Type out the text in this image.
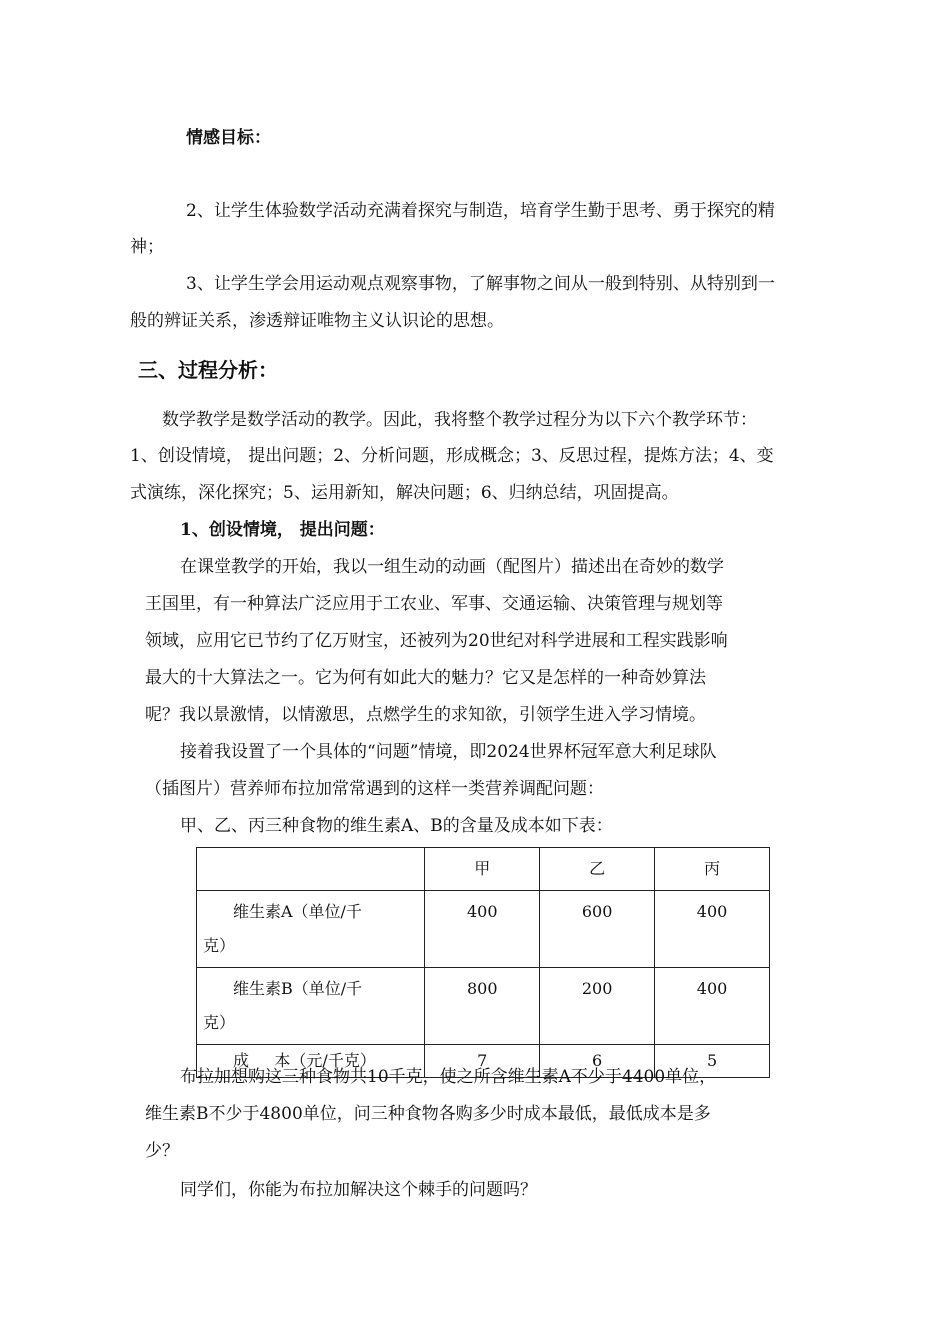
情感目标：
2、让学生体验数学活动充满着探究与制造，培育学生勤于思考、勇于探究的精
神；
3、让学生学会用运动观点观察事物，了解事物之间从一般到特别、从特别到一
般的辨证关系，渗透辩证唯物主义认识论的思想。
三、过程分析：
数学教学是数学活动的教学。因此，我将整个教学过程分为以下六个教学环节：
1、创设情境， 提出问题；2、分析问题，形成概念；3、反思过程，提炼方法；4、变
式演练，深化探究；5、运用新知，解决问题；6、归纳总结，巩固提高。
1、创设情境， 提出问题：
在课堂教学的开始，我以一组生动的动画（配图片）描述出在奇妙的数学
王国里，有一种算法广泛应用于工农业、军事、交通运输、决策管理与规划等
领域，应用它已节约了亿万财宝，还被列为20世纪对科学进展和工程实践影响
最大的十大算法之一。它为何有如此大的魅力？它又是怎样的一种奇妙算法
呢？我以景激情，以情激思，点燃学生的求知欲，引领学生进入学习情境。
接着我设置了一个具体的“问题”情境，即2024世界杯冠军意大利足球队
（插图片）营养师布拉加常常遇到的这样一类营养调配问题：
甲、乙、丙三种食物的维生素A、B的含量及成本如下表：
	甲	乙	丙

维生素A（单位/千
克）	400	600	400

维生素B（单位/千
克）	800	200	400

成     本（元/千克）	7	6	5
布拉加想购这三种食物共10千克，使之所含维生素A不少于4400单位，
维生素B不少于4800单位，问三种食物各购多少时成本最低，最低成本是多
少？
同学们，你能为布拉加解决这个棘手的问题吗？
